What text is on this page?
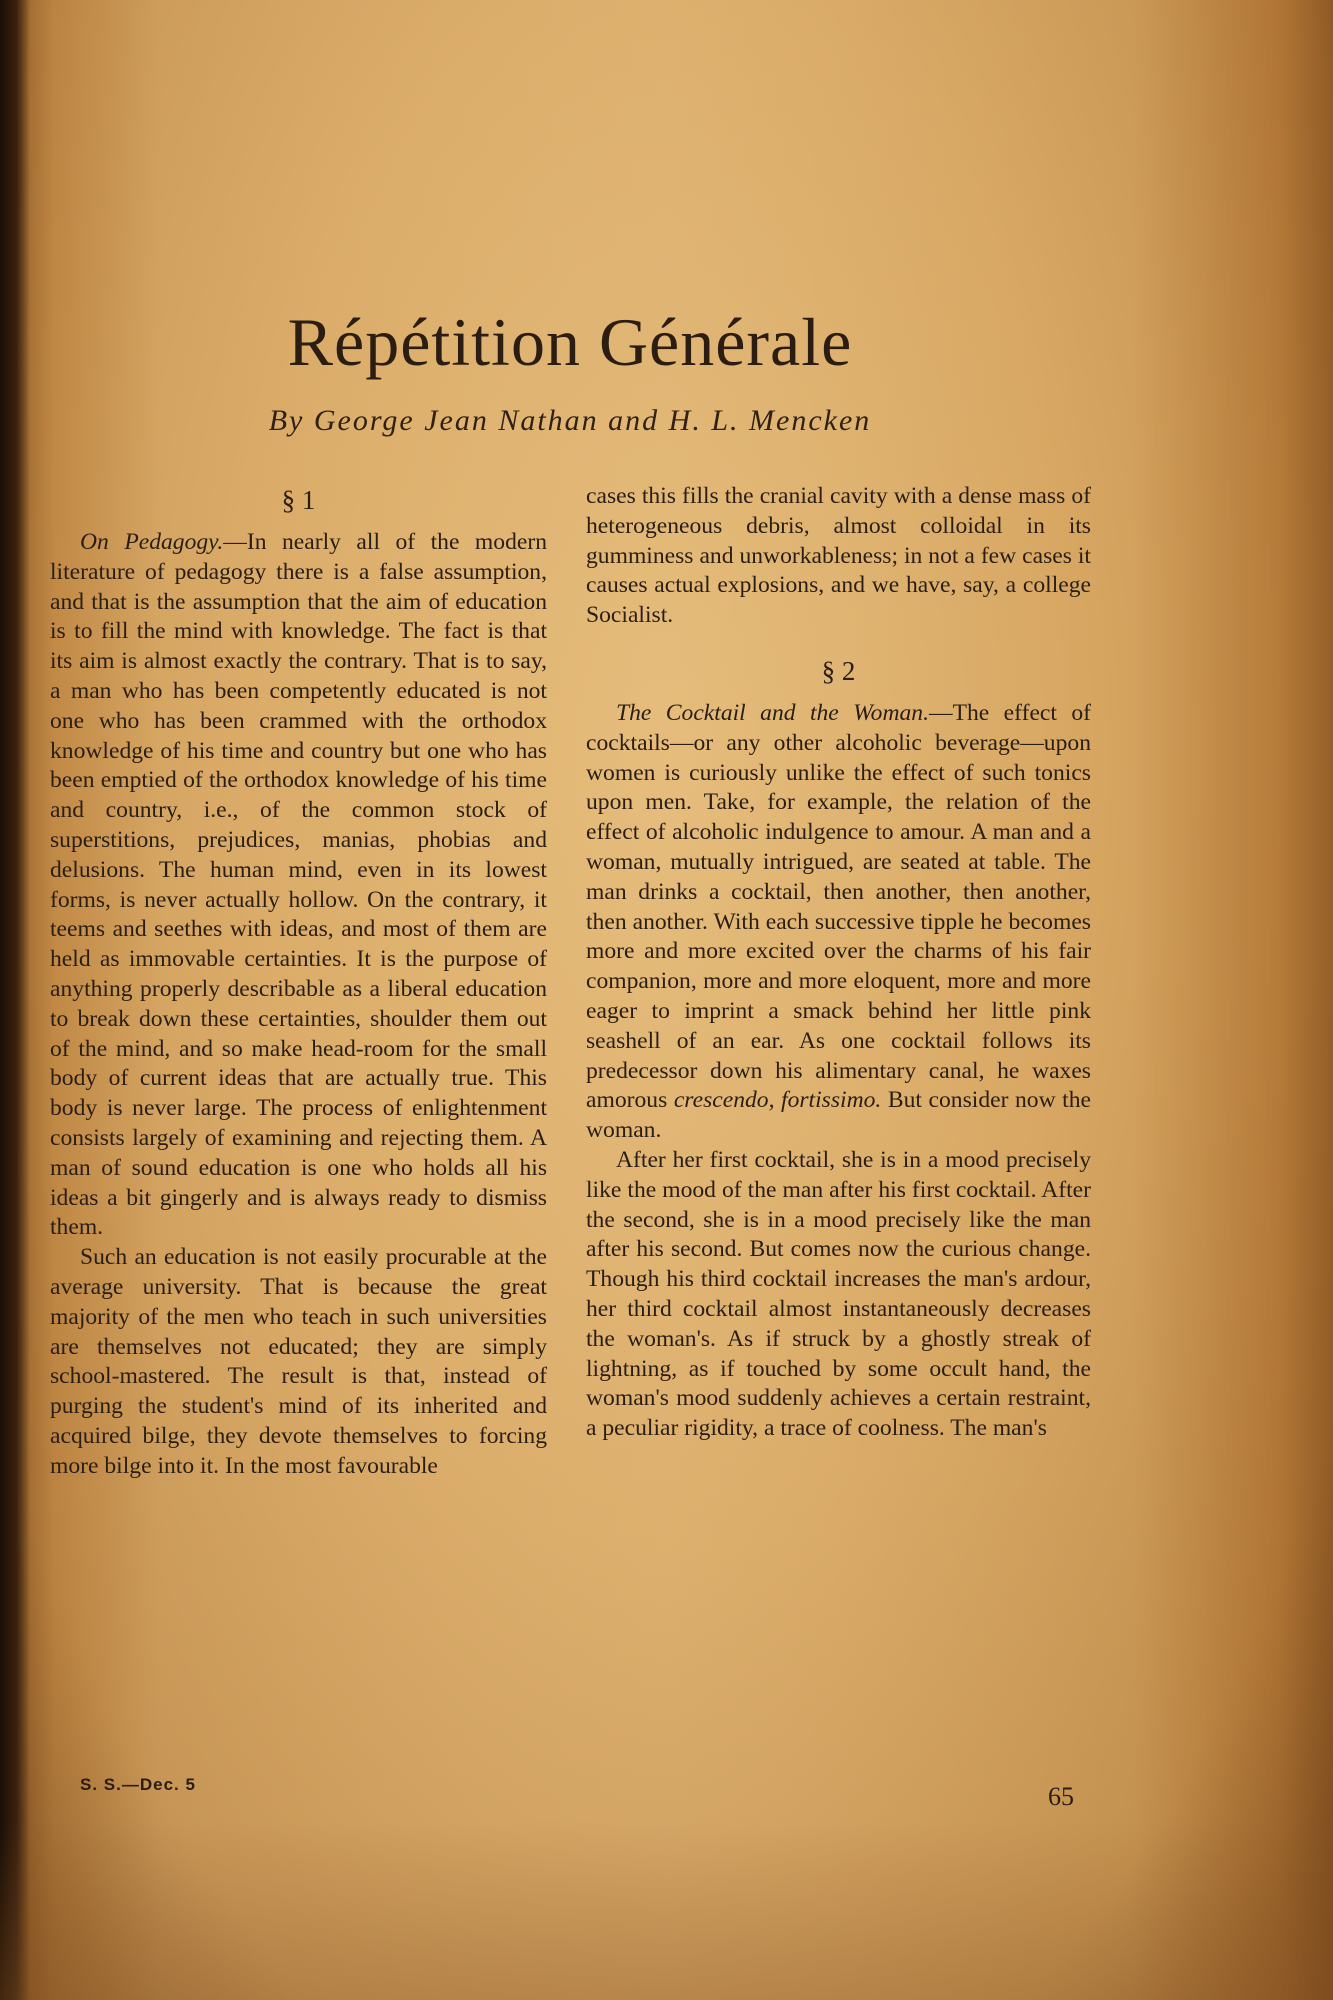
Répétition Générale

By George Jean Nathan and H. L. Mencken

§ 1

On Pedagogy.—In nearly all of the modern literature of pedagogy there is a false assumption, and that is the assumption that the aim of education is to fill the mind with knowledge. The fact is that its aim is almost exactly the contrary. That is to say, a man who has been competently educated is not one who has been crammed with the orthodox knowledge of his time and country but one who has been emptied of the orthodox knowledge of his time and country, i.e., of the common stock of superstitions, prejudices, manias, phobias and delusions. The human mind, even in its lowest forms, is never actually hollow. On the contrary, it teems and seethes with ideas, and most of them are held as immovable certainties. It is the purpose of anything properly describable as a liberal education to break down these certainties, shoulder them out of the mind, and so make head-room for the small body of current ideas that are actually true. This body is never large. The process of enlightenment consists largely of examining and rejecting them. A man of sound education is one who holds all his ideas a bit gingerly and is always ready to dismiss them.

Such an education is not easily procurable at the average university. That is because the great majority of the men who teach in such universities are themselves not educated; they are simply school-mastered. The result is that, instead of purging the student's mind of its inherited and acquired bilge, they devote themselves to forcing more bilge into it. In the most favourable

cases this fills the cranial cavity with a dense mass of heterogeneous debris, almost colloidal in its gumminess and unworkableness; in not a few cases it causes actual explosions, and we have, say, a college Socialist.

§ 2

The Cocktail and the Woman.—The effect of cocktails—or any other alcoholic beverage—upon women is curiously unlike the effect of such tonics upon men. Take, for example, the relation of the effect of alcoholic indulgence to amour. A man and a woman, mutually intrigued, are seated at table. The man drinks a cocktail, then another, then another, then another. With each successive tipple he becomes more and more excited over the charms of his fair companion, more and more eloquent, more and more eager to imprint a smack behind her little pink seashell of an ear. As one cocktail follows its predecessor down his alimentary canal, he waxes amorous crescendo, fortissimo. But consider now the woman.

After her first cocktail, she is in a mood precisely like the mood of the man after his first cocktail. After the second, she is in a mood precisely like the man after his second. But comes now the curious change. Though his third cocktail increases the man's ardour, her third cocktail almost instantaneously decreases the woman's. As if struck by a ghostly streak of lightning, as if touched by some occult hand, the woman's mood suddenly achieves a certain restraint, a peculiar rigidity, a trace of coolness. The man's

S. S.—Dec. 5	65
